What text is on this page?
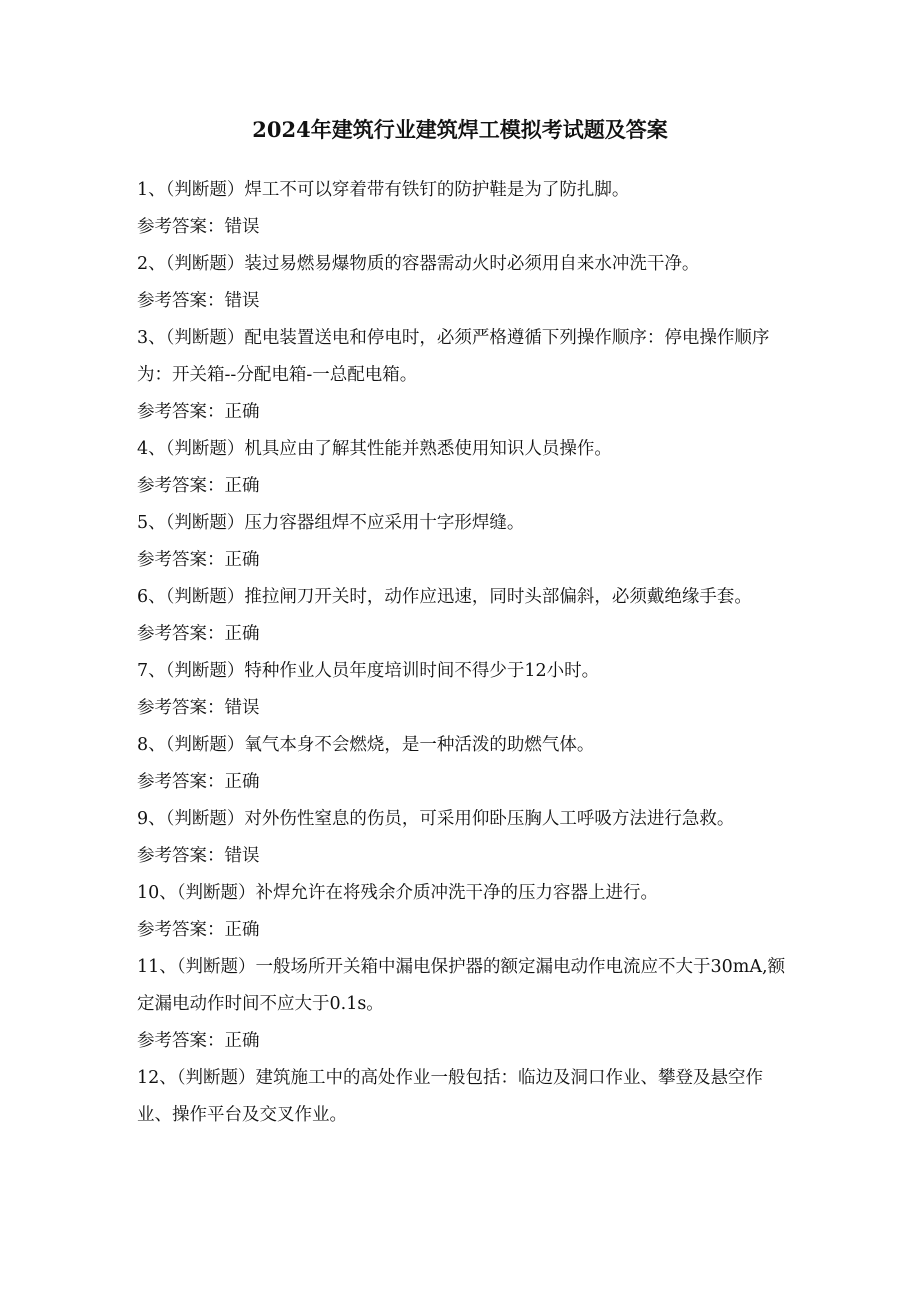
2024年建筑行业建筑焊工模拟考试题及答案

1、（判断题）焊工不可以穿着带有铁钉的防护鞋是为了防扎脚。

参考答案：错误

2、（判断题）装过易燃易爆物质的容器需动火时必须用自来水冲洗干净。

参考答案：错误

3、（判断题）配电装置送电和停电时，必须严格遵循下列操作顺序：停电操作顺序为：开关箱--分配电箱-一总配电箱。

参考答案：正确

4、（判断题）机具应由了解其性能并熟悉使用知识人员操作。

参考答案：正确

5、（判断题）压力容器组焊不应采用十字形焊缝。

参考答案：正确

6、（判断题）推拉闸刀开关时，动作应迅速，同时头部偏斜，必须戴绝缘手套。

参考答案：正确

7、（判断题）特种作业人员年度培训时间不得少于12小时。

参考答案：错误

8、（判断题）氧气本身不会燃烧，是一种活泼的助燃气体。

参考答案：正确

9、（判断题）对外伤性窒息的伤员，可采用仰卧压胸人工呼吸方法进行急救。

参考答案：错误

10、（判断题）补焊允许在将残余介质冲洗干净的压力容器上进行。

参考答案：正确

11、（判断题）一般场所开关箱中漏电保护器的额定漏电动作电流应不大于30mA,额定漏电动作时间不应大于0.1s。

参考答案：正确

12、（判断题）建筑施工中的高处作业一般包括：临边及洞口作业、攀登及悬空作业、操作平台及交叉作业。
